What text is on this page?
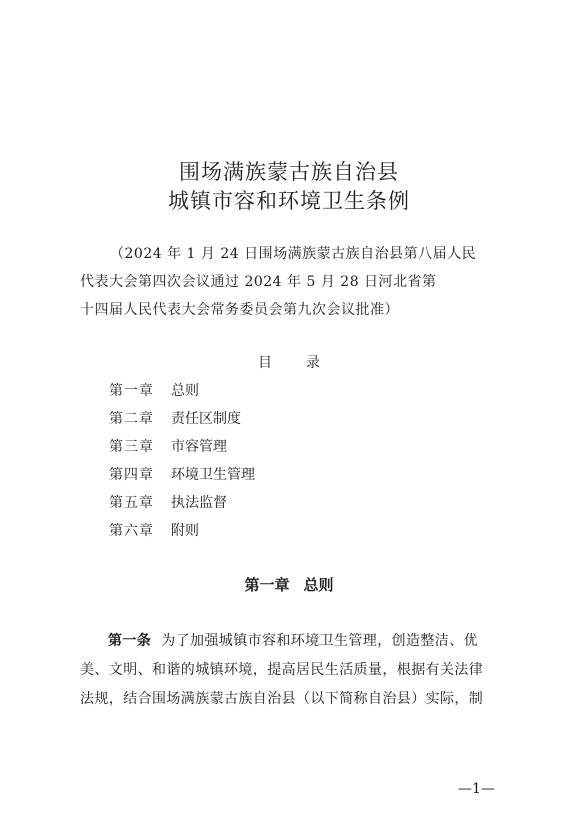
围场满族蒙古族自治县
城镇市容和环境卫生条例
（2024 年 1 月 24 日围场满族蒙古族自治县第八届人民
代表大会第四次会议通过 2024 年 5 月 28 日河北省第
十四届人民代表大会常务委员会第九次会议批准）
目 录
第一章 总则
第二章 责任区制度
第三章 市容管理
第四章 环境卫生管理
第五章 执法监督
第六章 附则
第一章 总则
第一条 为了加强城镇市容和环境卫生管理，创造整洁、优
美、文明、和谐的城镇环境，提高居民生活质量，根据有关法律
法规，结合围场满族蒙古族自治县（以下简称自治县）实际，制
—1—
